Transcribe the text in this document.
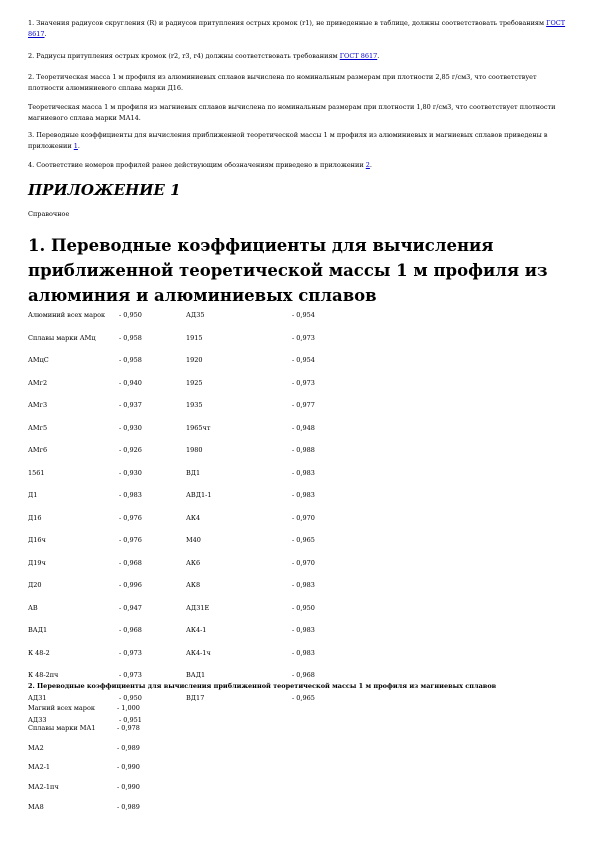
1. Значения радиусов скругления (R) и радиусов притупления острых кромок (r1), не приведенные в таблице, должны соответствовать требованиям ГОСТ 8617.
2. Радиусы притупления острых кромок (r2, r3, r4) должны соответствовать требованиям ГОСТ 8617.
2. Теоретическая масса 1 м профиля из алюминиевых сплавов вычислена по номинальным размерам при плотности 2,85 г/см3, что соответствует плотности алюминиевого сплава марки Д16.
Теоретическая масса 1 м профиля из магниевых сплавов вычислена по номинальным размерам при плотности 1,80 г/см3, что соответствует плотности магниевого сплава марки МА14.
3. Переводные коэффициенты для вычисления приближенной теоретической массы 1 м профиля из алюминиевых и магниевых сплавов приведены в приложении 1.
4. Соответствие номеров профилей ранее действующим обозначениям приведено в приложении 2.
ПРИЛОЖЕНИЕ 1
Справочное
1. Переводные коэффициенты для вычисления приближенной теоретической массы 1 м профиля из алюминия и алюминиевых сплавов
Алюминий всех марок - 0,950	АД35	- 0,954
Сплавы марки АМц	- 0,958	1915	- 0,973
АМцС	- 0,958	1920	- 0,954
АМг2	- 0,940	1925	- 0,973
АМг3	- 0,937	1935	- 0,977
АМг5	- 0,930	1965чт	- 0,948
АМг6	- 0,926	1980	- 0,988
1561	- 0,930	ВД1	- 0,983
Д1	- 0,983	АВД1-1	- 0,983
Д16	- 0,976	АК4	- 0,970
Д16ч	- 0,976	М40	- 0,965
Д19ч	- 0,968	АК6	- 0,970
Д20	- 0,996	АК8	- 0,983
АВ	- 0,947	АД31Е	- 0,950
ВАД1	- 0,968	АК4-1	- 0,983
К 48-2	- 0,973	АК4-1ч	- 0,983
К 48-2пч	- 0,973	ВАД1	- 0,968
АД31	- 0,950	ВД17	- 0,965
АД33	- 0,951
2. Переводные коэффициенты для вычисления приближенной теоретической массы 1 м профиля из магниевых сплавов
Магний всех марок	- 1,000
Сплавы марки МА1	- 0,978
МА2	- 0,989
МА2-1	- 0,990
МА2-1пч	- 0,990
МА8	- 0,989
